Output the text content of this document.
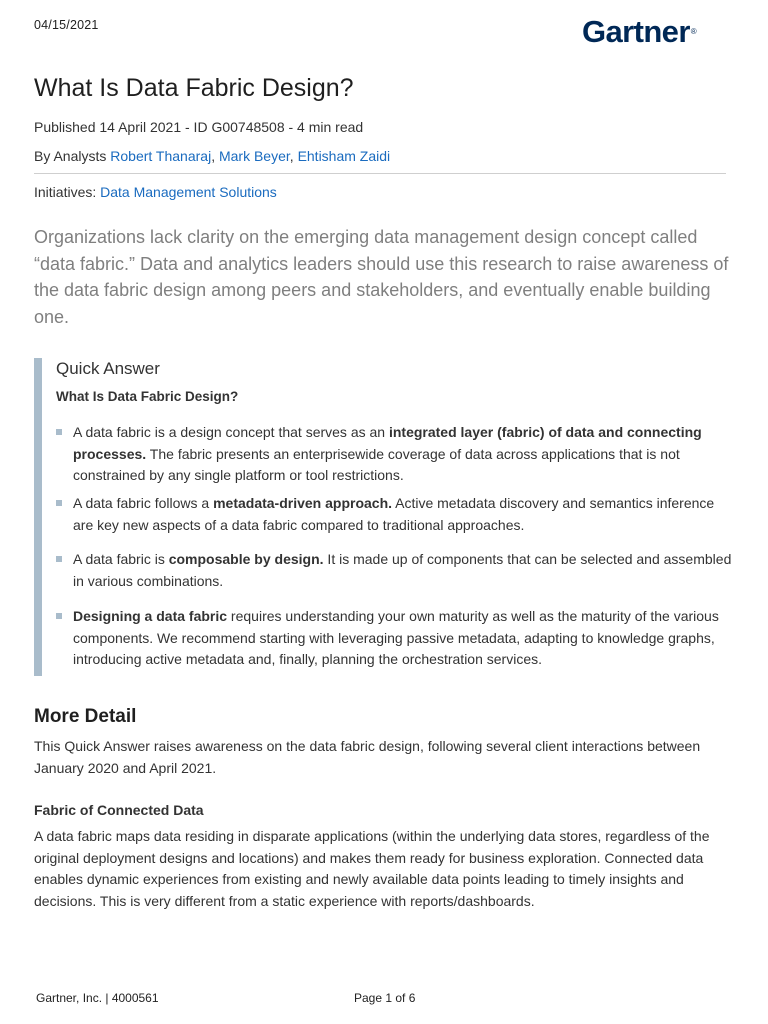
04/15/2021	Gartner®
What Is Data Fabric Design?
Published 14 April 2021 - ID G00748508 - 4 min read
By Analysts Robert Thanaraj, Mark Beyer, Ehtisham Zaidi
Initiatives: Data Management Solutions

Organizations lack clarity on the emerging data management design concept called “data fabric.” Data and analytics leaders should use this research to raise awareness of the data fabric design among peers and stakeholders, and eventually enable building one.

Quick Answer
What Is Data Fabric Design?
A data fabric is a design concept that serves as an integrated layer (fabric) of data and connecting processes. The fabric presents an enterprisewide coverage of data across applications that is not constrained by any single platform or tool restrictions.
A data fabric follows a metadata-driven approach. Active metadata discovery and semantics inference are key new aspects of a data fabric compared to traditional approaches.
A data fabric is composable by design. It is made up of components that can be selected and assembled in various combinations.
Designing a data fabric requires understanding your own maturity as well as the maturity of the various components. We recommend starting with leveraging passive metadata, adapting to knowledge graphs, introducing active metadata and, finally, planning the orchestration services.
More Detail

This Quick Answer raises awareness on the data fabric design, following several client interactions between January 2020 and April 2021.

Fabric of Connected Data

A data fabric maps data residing in disparate applications (within the underlying data stores, regardless of the original deployment designs and locations) and makes them ready for business exploration. Connected data enables dynamic experiences from existing and newly available data points leading to timely insights and decisions. This is very different from a static experience with reports/dashboards.

Gartner, Inc. | 4000561	Page 1 of 6
